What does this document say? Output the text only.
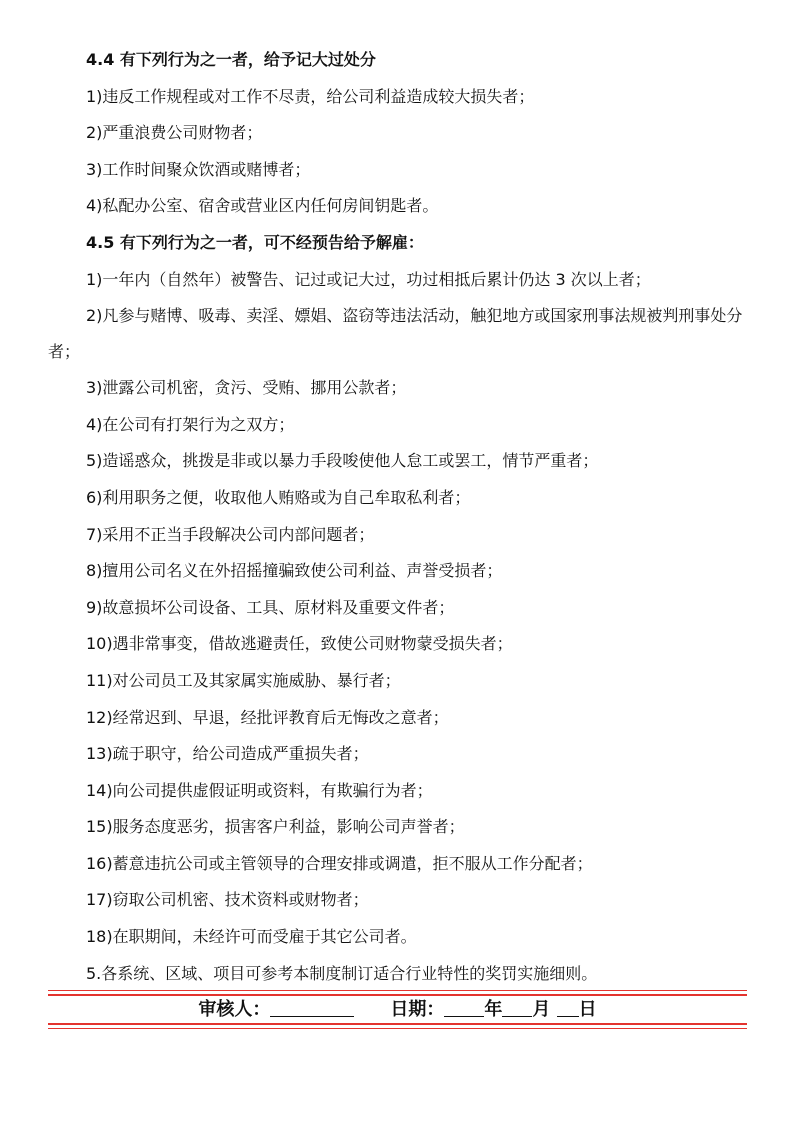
4.4 有下列行为之一者，给予记大过处分
1)违反工作规程或对工作不尽责，给公司利益造成较大损失者；
2)严重浪费公司财物者；
3)工作时间聚众饮酒或赌博者；
4)私配办公室、宿舍或营业区内任何房间钥匙者。
4.5 有下列行为之一者，可不经预告给予解雇：
1)一年内（自然年）被警告、记过或记大过，功过相抵后累计仍达 3 次以上者；
2)凡参与赌博、吸毒、卖淫、嫖娼、盗窃等违法活动，触犯地方或国家刑事法规被判刑事处分者；
3)泄露公司机密，贪污、受贿、挪用公款者；
4)在公司有打架行为之双方；
5)造谣惑众，挑拨是非或以暴力手段唆使他人怠工或罢工，情节严重者；
6)利用职务之便，收取他人贿赂或为自己牟取私利者；
7)采用不正当手段解决公司内部问题者；
8)擅用公司名义在外招摇撞骗致使公司利益、声誉受损者；
9)故意损坏公司设备、工具、原材料及重要文件者；
10)遇非常事变，借故逃避责任，致使公司财物蒙受损失者；
11)对公司员工及其家属实施威胁、暴行者；
12)经常迟到、早退，经批评教育后无悔改之意者；
13)疏于职守，给公司造成严重损失者；
14)向公司提供虚假证明或资料，有欺骗行为者；
15)服务态度恶劣，损害客户利益，影响公司声誉者；
16)蓄意违抗公司或主管领导的合理安排或调遣，拒不服从工作分配者；
17)窃取公司机密、技术资料或财物者；
18)在职期间，未经许可而受雇于其它公司者。
5.各系统、区域、项目可参考本制度制订适合行业特性的奖罚实施细则。
审核人：	日期： 年 月 日
